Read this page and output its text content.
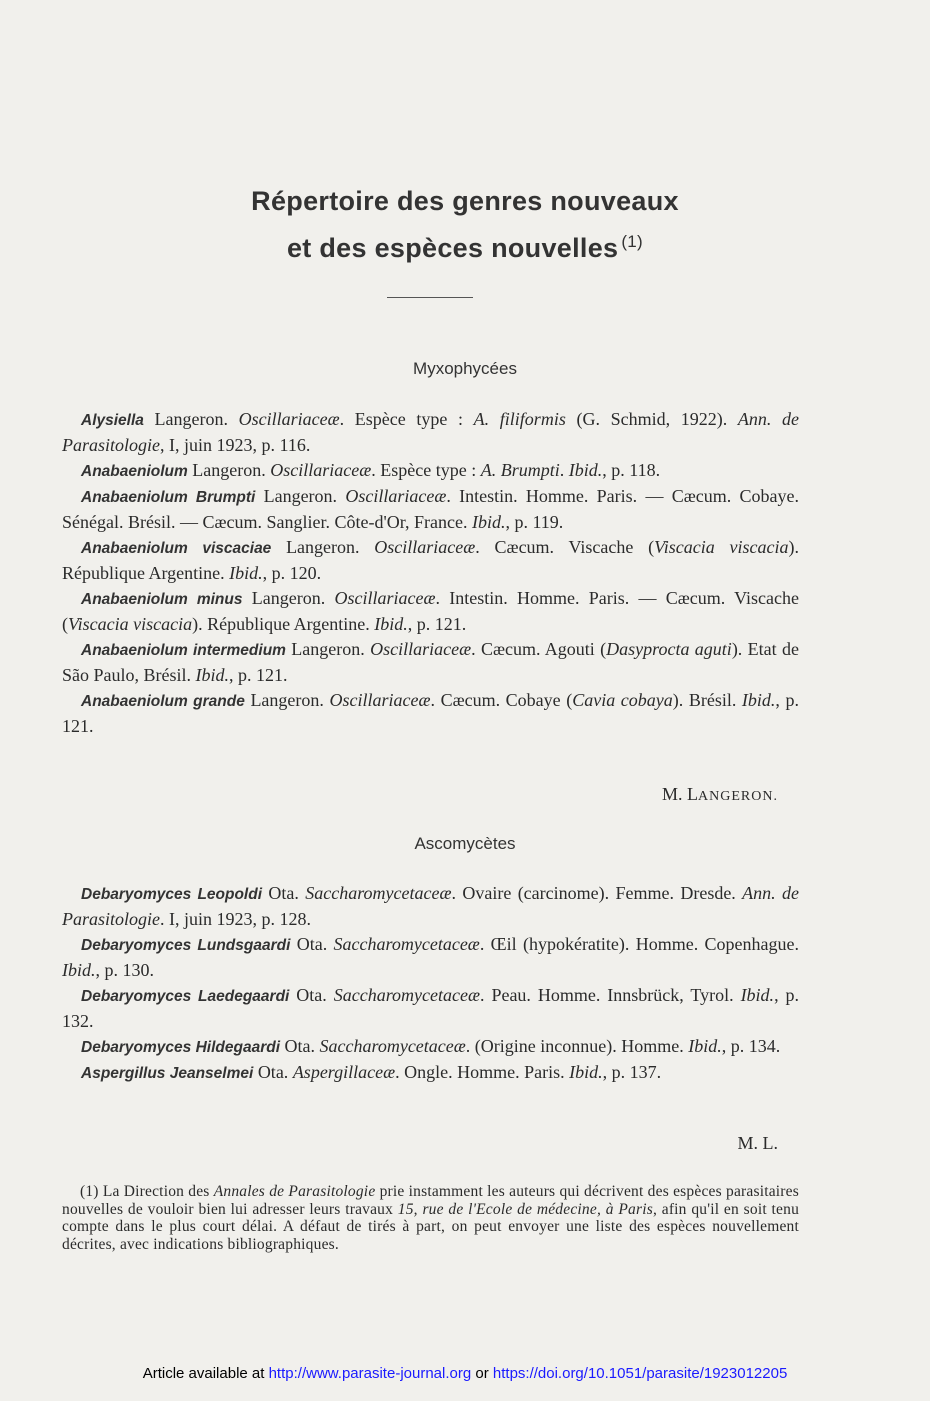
Répertoire des genres nouveaux
et des espèces nouvelles $^{(1)}$
Myxophycées

Alysiella Langeron. Oscillariaceæ. Espèce type : A. filiformis (G. Schmid, 1922). Ann. de Parasitologie, I, juin 1923, p. 116.

Anabaeniolum Langeron. Oscillariaceæ. Espèce type : A. Brumpti. Ibid., p. 118.

Anabaeniolum Brumpti Langeron. Oscillariaceæ. Intestin. Homme. Paris. — Cæcum. Cobaye. Sénégal. Brésil. — Cæcum. Sanglier. Côte-d'Or, France. Ibid., p. 119.

Anabaeniolum viscaciae Langeron. Oscillariaceæ. Cæcum. Viscache (Viscacia viscacia). République Argentine. Ibid., p. 120.

Anabaeniolum minus Langeron. Oscillariaceæ. Intestin. Homme. Paris. — Cæcum. Viscache (Viscacia viscacia). République Argentine. Ibid., p. 121.

Anabaeniolum intermedium Langeron. Oscillariaceæ. Cæcum. Agouti (Dasyprocta aguti). Etat de São Paulo, Brésil. Ibid., p. 121.

Anabaeniolum grande Langeron. Oscillariaceæ. Cæcum. Cobaye (Cavia cobaya). Brésil. Ibid., p. 121.

M. LANGERON.
Ascomycètes

Debaryomyces Leopoldi Ota. Saccharomycetaceæ. Ovaire (carcinome). Femme. Dresde. Ann. de Parasitologie. I, juin 1923, p. 128.

Debaryomyces Lundsgaardi Ota. Saccharomycetaceæ. Œil (hypokératite). Homme. Copenhague. Ibid., p. 130.

Debaryomyces Laedegaardi Ota. Saccharomycetaceæ. Peau. Homme. Innsbrück, Tyrol. Ibid., p. 132.

Debaryomyces Hildegaardi Ota. Saccharomycetaceæ. (Origine inconnue). Homme. Ibid., p. 134.

Aspergillus Jeanselmei Ota. Aspergillaceæ. Ongle. Homme. Paris. Ibid., p. 137.

M. L.

(1) La Direction des Annales de Parasitologie prie instamment les auteurs qui décrivent des espèces parasitaires nouvelles de vouloir bien lui adresser leurs travaux 15, rue de l'Ecole de médecine, à Paris, afin qu'il en soit tenu compte dans le plus court délai. A défaut de tirés à part, on peut envoyer une liste des espèces nouvellement décrites, avec indications bibliographiques.

Article available at http://www.parasite-journal.org or https://doi.org/10.1051/parasite/1923012205
